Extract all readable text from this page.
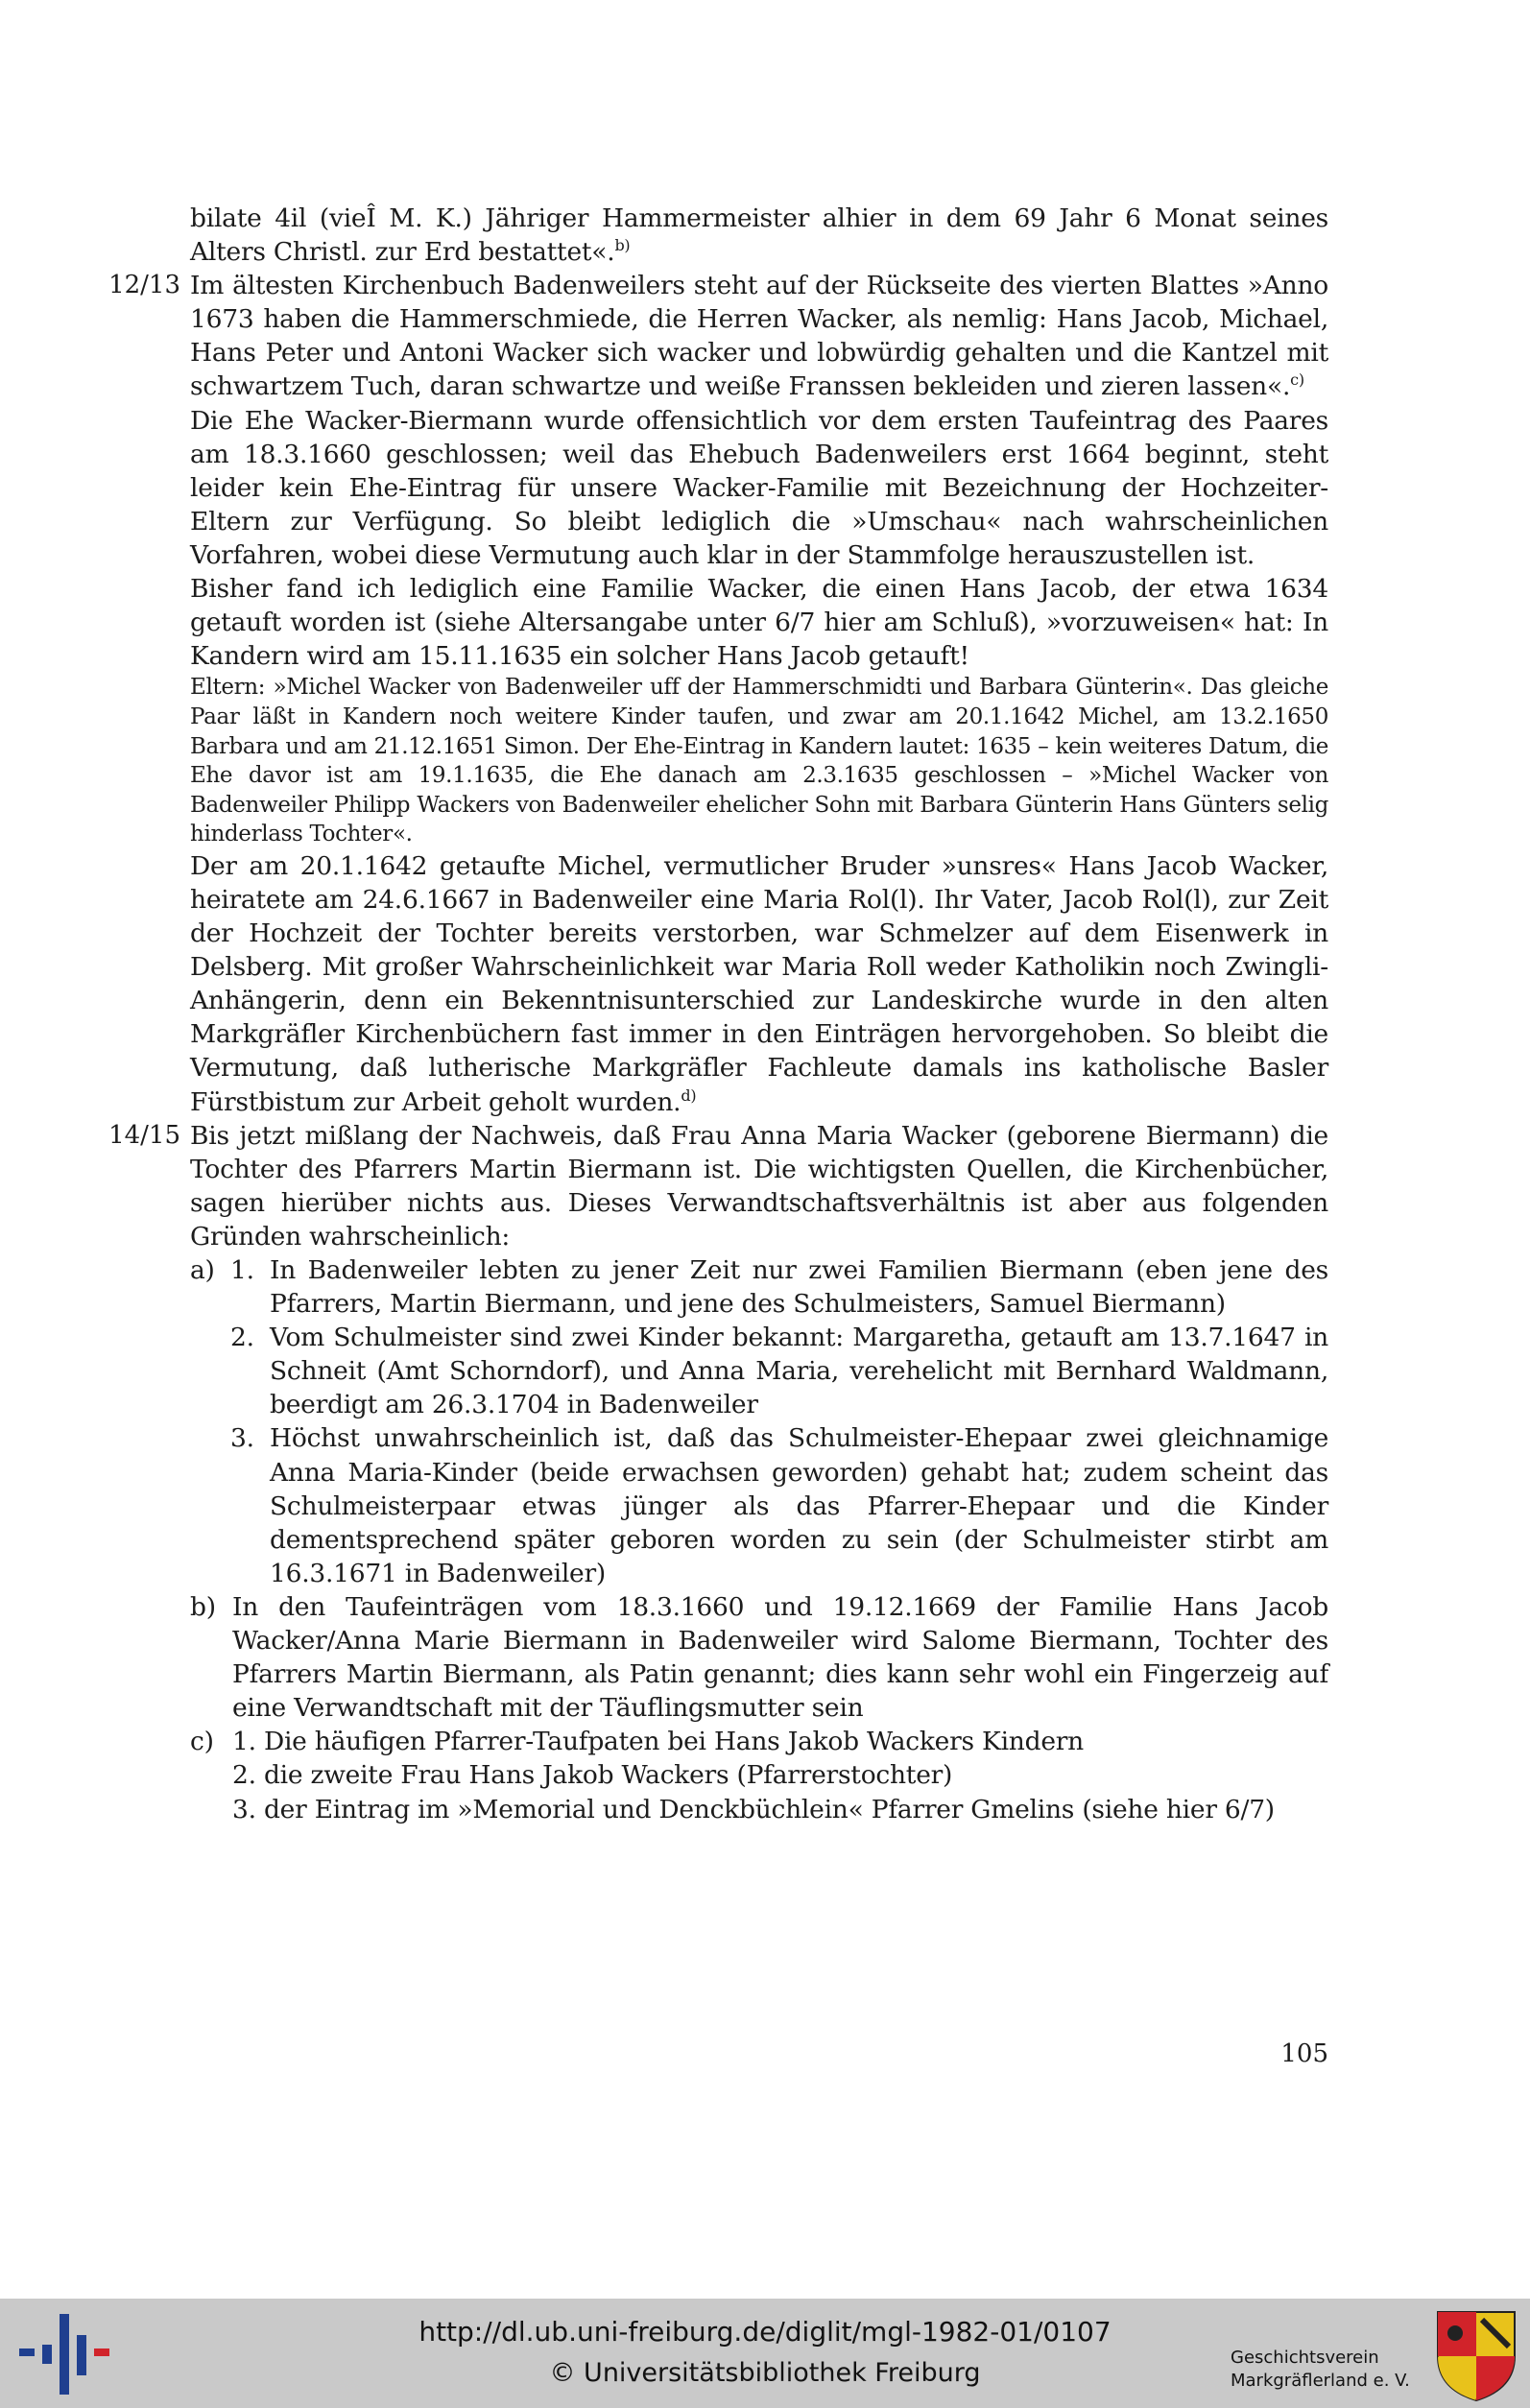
bilate 4il (vieÎ M. K.) Jähriger Hammermeister alhier in dem 69 Jahr 6 Monat seines Alters Christl. zur Erd bestattet«.$^{b)}$

12/13 Im ältesten Kirchenbuch Badenweilers steht auf der Rückseite des vierten Blattes »Anno 1673 haben die Hammerschmiede, die Herren Wacker, als nemlig: Hans Jacob, Michael, Hans Peter und Antoni Wacker sich wacker und lobwürdig gehalten und die Kantzel mit schwartzem Tuch, daran schwartze und weiße Franssen bekleiden und zieren lassen«.$^{c)}$

Die Ehe Wacker-Biermann wurde offensichtlich vor dem ersten Taufeintrag des Paares am 18.3.1660 geschlossen; weil das Ehebuch Badenweilers erst 1664 beginnt, steht leider kein Ehe-Eintrag für unsere Wacker-Familie mit Bezeichnung der Hochzeiter-Eltern zur Verfügung. So bleibt lediglich die »Umschau« nach wahrscheinlichen Vorfahren, wobei diese Vermutung auch klar in der Stammfolge herauszustellen ist.

Bisher fand ich lediglich eine Familie Wacker, die einen Hans Jacob, der etwa 1634 getauft worden ist (siehe Altersangabe unter 6/7 hier am Schluß), »vorzuweisen« hat: In Kandern wird am 15.11.1635 ein solcher Hans Jacob getauft!

Eltern: »Michel Wacker von Badenweiler uff der Hammerschmidti und Barbara Günterin«. Das gleiche Paar läßt in Kandern noch weitere Kinder taufen, und zwar am 20.1.1642 Michel, am 13.2.1650 Barbara und am 21.12.1651 Simon. Der Ehe-Eintrag in Kandern lautet: 1635 – kein weiteres Datum, die Ehe davor ist am 19.1.1635, die Ehe danach am 2.3.1635 geschlossen – »Michel Wacker von Badenweiler Philipp Wackers von Badenweiler ehelicher Sohn mit Barbara Günterin Hans Günters selig hinderlass Tochter«.

Der am 20.1.1642 getaufte Michel, vermutlicher Bruder »unsres« Hans Jacob Wacker, heiratete am 24.6.1667 in Badenweiler eine Maria Rol(l). Ihr Vater, Jacob Rol(l), zur Zeit der Hochzeit der Tochter bereits verstorben, war Schmelzer auf dem Eisenwerk in Delsberg. Mit großer Wahrscheinlichkeit war Maria Roll weder Katholikin noch Zwingli-Anhängerin, denn ein Bekenntnisunterschied zur Landeskirche wurde in den alten Markgräfler Kirchenbüchern fast immer in den Einträgen hervorgehoben. So bleibt die Vermutung, daß lutherische Markgräfler Fachleute damals ins katholische Basler Fürstbistum zur Arbeit geholt wurden.$^{d)}$

14/15 Bis jetzt mißlang der Nachweis, daß Frau Anna Maria Wacker (geborene Biermann) die Tochter des Pfarrers Martin Biermann ist. Die wichtigsten Quellen, die Kirchenbücher, sagen hierüber nichts aus. Dieses Verwandtschaftsverhältnis ist aber aus folgenden Gründen wahrscheinlich:

a) 1. In Badenweiler lebten zu jener Zeit nur zwei Familien Biermann (eben jene des Pfarrers, Martin Biermann, und jene des Schulmeisters, Samuel Biermann)
2. Vom Schulmeister sind zwei Kinder bekannt: Margaretha, getauft am 13.7.1647 in Schneit (Amt Schorndorf), und Anna Maria, verehelicht mit Bernhard Waldmann, beerdigt am 26.3.1704 in Badenweiler
3. Höchst unwahrscheinlich ist, daß das Schulmeister-Ehepaar zwei gleichnamige Anna Maria-Kinder (beide erwachsen geworden) gehabt hat; zudem scheint das Schulmeisterpaar etwas jünger als das Pfarrer-Ehepaar und die Kinder dementsprechend später geboren worden zu sein (der Schulmeister stirbt am 16.3.1671 in Badenweiler)
b) In den Taufeinträgen vom 18.3.1660 und 19.12.1669 der Familie Hans Jacob Wacker/Anna Marie Biermann in Badenweiler wird Salome Biermann, Tochter des Pfarrers Martin Biermann, als Patin genannt; dies kann sehr wohl ein Fingerzeig auf eine Verwandtschaft mit der Täuflingsmutter sein
c) 1. Die häufigen Pfarrer-Taufpaten bei Hans Jakob Wackers Kindern
2. die zweite Frau Hans Jakob Wackers (Pfarrerstochter)
3. der Eintrag im »Memorial und Denckbüchlein« Pfarrer Gmelins (siehe hier 6/7)
105
http://dl.ub.uni-freiburg.de/diglit/mgl-1982-01/0107
© Universitätsbibliothek Freiburg
Geschichtsverein
Markgräflerland e. V.
